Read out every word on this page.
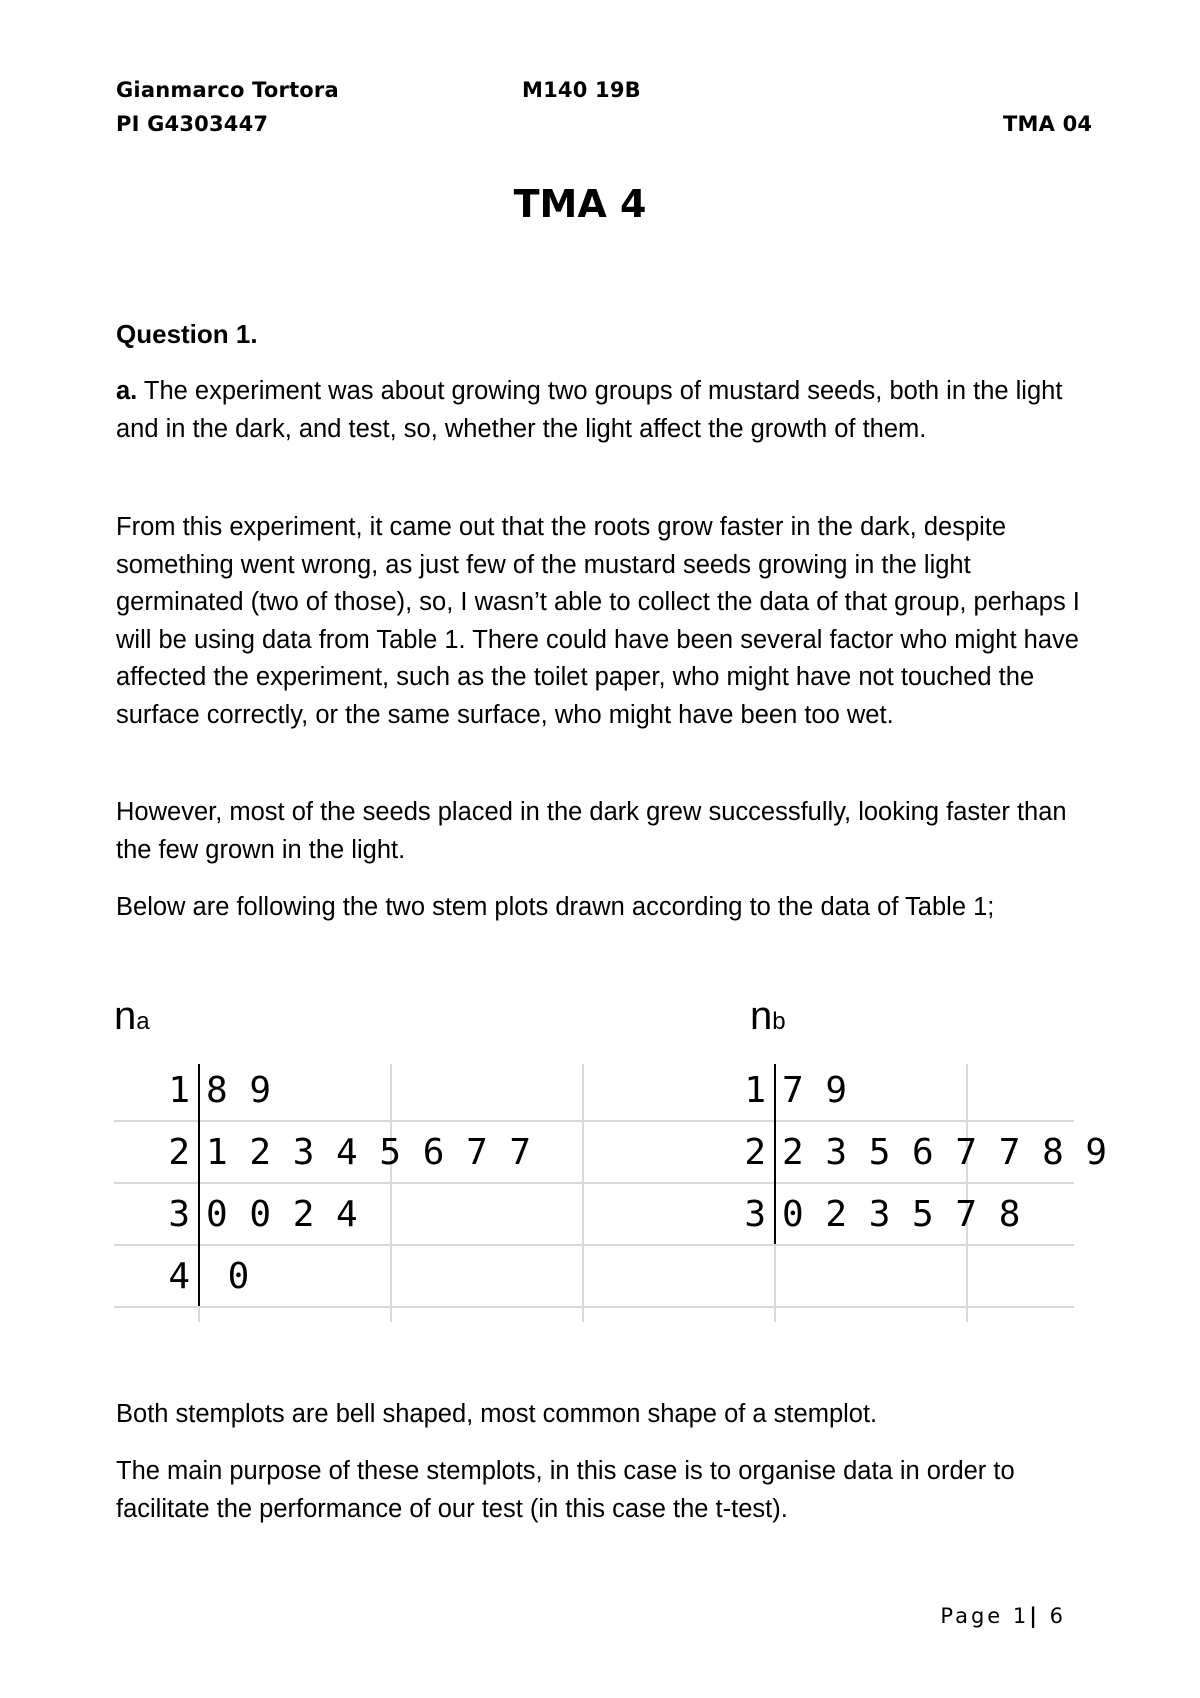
Gianmarco Tortora	M140 19B
PI G4303447	TMA 04
TMA 4
Question 1.

a. The experiment was about growing two groups of mustard seeds, both in the light and in the dark, and test, so, whether the light affect the growth of them.

From this experiment, it came out that the roots grow faster in the dark, despite something went wrong, as just few of the mustard seeds growing in the light germinated (two of those), so, I wasn’t able to collect the data of that group, perhaps I will be using data from Table 1. There could have been several factor who might have affected the experiment, such as the toilet paper, who might have not touched the surface correctly, or the same surface, who might have been too wet.

However, most of the seeds placed in the dark grew successfully, looking faster than the few grown in the light.

Below are following the two stem plots drawn according to the data of Table 1;

na	nb
1 8 9
2 1 2 3 4 5 6 7 7
3 0 0 2 4
4 0
1 7 9
2 2 3 5 6 7 7 8 9
3 0 2 3 5 7 8

Both stemplots are bell shaped, most common shape of a stemplot.

The main purpose of these stemplots, in this case is to organise data in order to facilitate the performance of our test (in this case the t-test).

Page 1| 6
